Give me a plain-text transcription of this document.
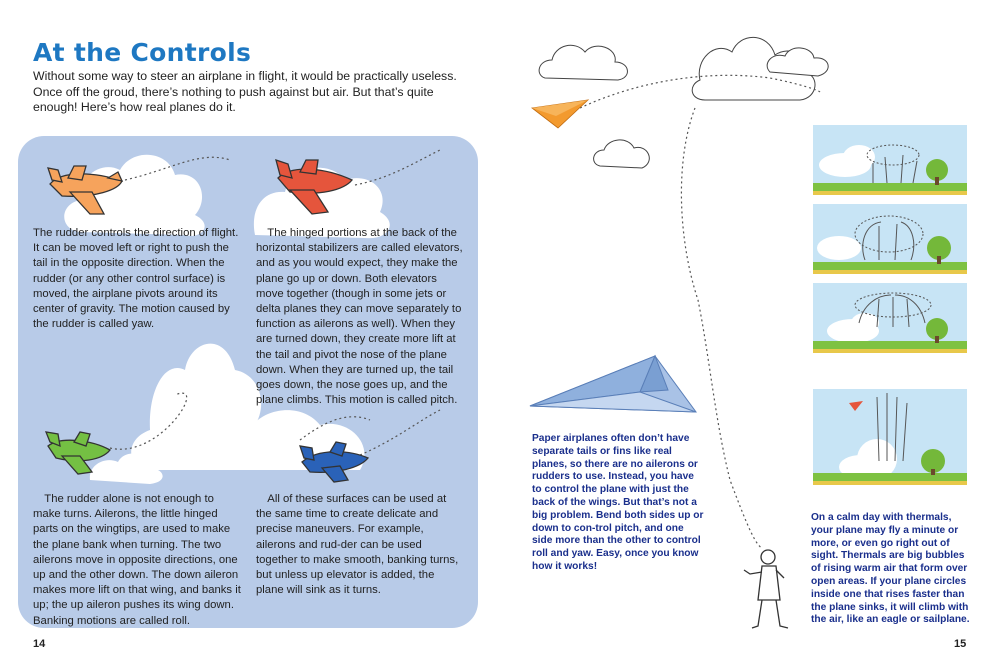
At the Controls
Without some way to steer an airplane in flight, it would be practically useless. Once off the groud, there’s nothing to push against but air. But that’s quite enough! Here’s how real planes do it.
The rudder controls the direction of flight. It can be moved left or right to push the tail in the opposite direction. When the rudder (or any other control surface) is moved, the airplane pivots around its center of gravity. The motion caused by the rudder is called yaw.
 The hinged portions at the back of the horizontal stabilizers are called elevators, and as you would expect, they make the plane go up or down. Both elevators move together (though in some jets or delta planes they can move separately to function as ailerons as well). When they are turned down, they create more lift at the tail and pivot the nose of the plane down. When they are turned up, the tail goes down, the nose goes up, and the plane climbs. This motion is called pitch.
 The rudder alone is not enough to make turns. Ailerons, the little hinged parts on the wingtips, are used to make the plane bank when turning. The two ailerons move in opposite directions, one up and the other down. The down aileron makes more lift on that wing, and banks it up; the up aileron pushes its wing down. Banking motions are called roll.
 All of these surfaces can be used at the same time to create delicate and precise maneuvers. For example, ailerons and rud-der can be used together to make smooth, banking turns, but unless up elevator is added, the plane will sink as it turns.
14
Paper airplanes often don’t have separate tails or fins like real planes, so there are no ailerons or rudders to use. Instead, you have to control the plane with just the back of the wings. But that’s not a big problem. Bend both sides up or down to con-trol pitch, and one side more than the other to control roll and yaw. Easy, once you know how it works!
On a calm day with thermals, your plane may fly a minute or more, or even go right out of sight. Thermals are big bubbles of rising warm air that form over open areas. If your plane circles inside one that rises faster than the plane sinks, it will climb with the air, like an eagle or sailplane.
15
